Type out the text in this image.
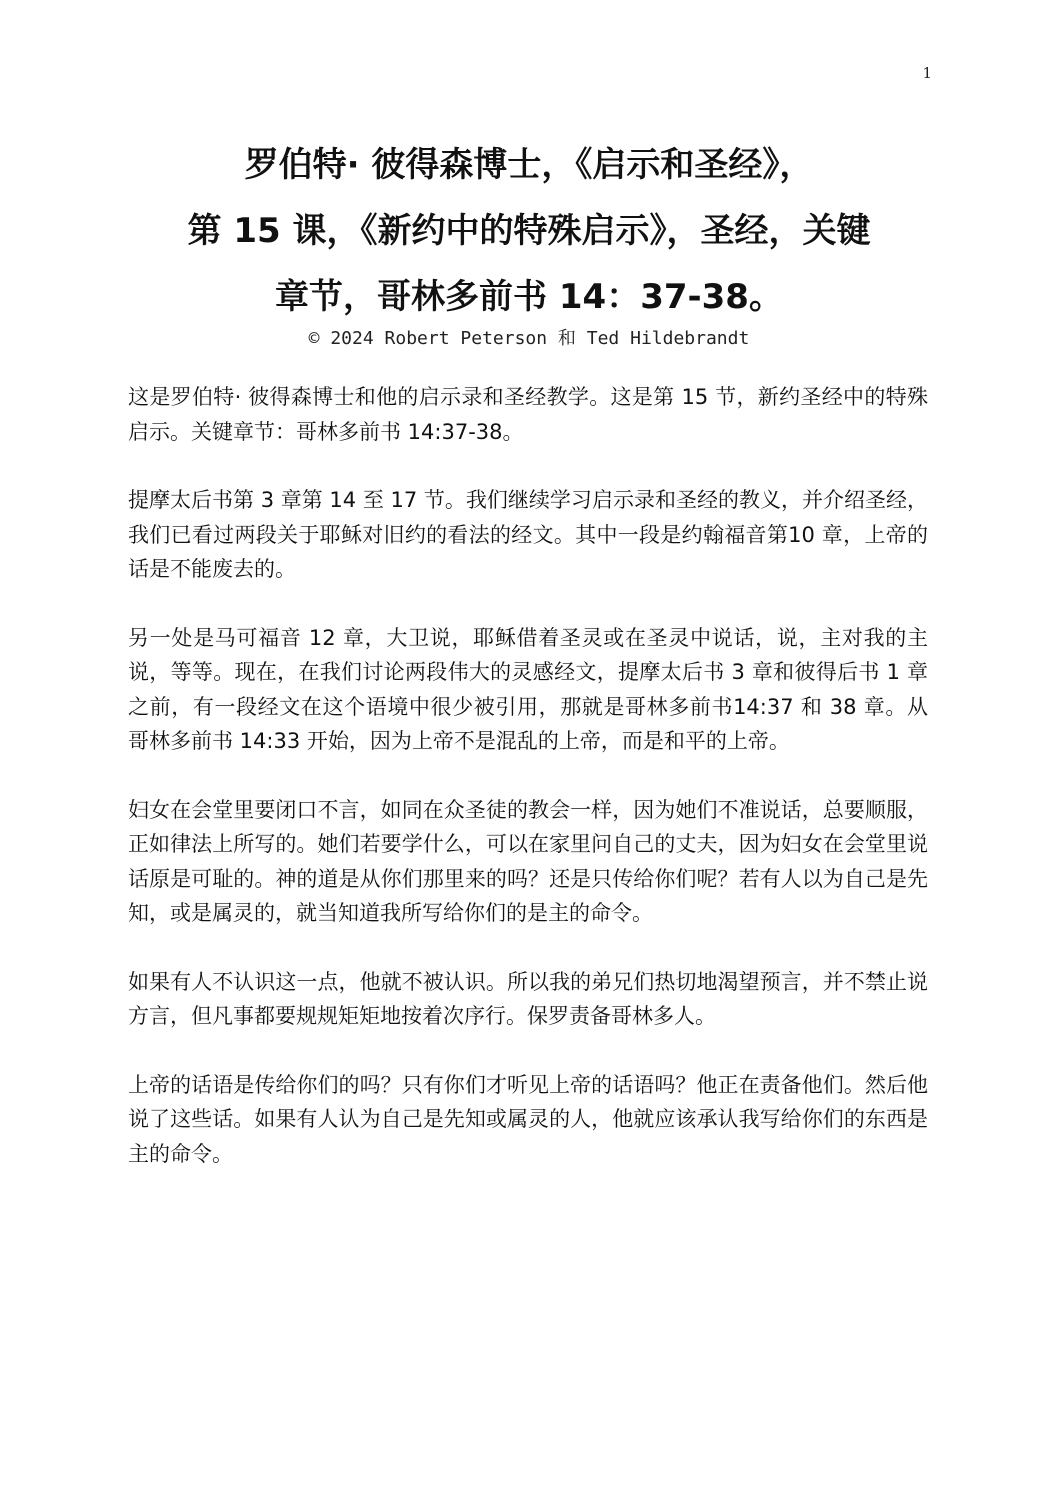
1
罗伯特· 彼得森博士，《启示和圣经》，
第 15 课，《新约中的特殊启示》，圣经，关键
章节，哥林多前书 14：37-38。
© 2024 Robert Peterson 和 Ted Hildebrandt

这是罗伯特· 彼得森博士和他的启示录和圣经教学。这是第 15 节，新约圣经中的特殊启示。关键章节：哥林多前书 14:37-38。

提摩太后书第 3 章第 14 至 17 节。我们继续学习启示录和圣经的教义，并介绍圣经，我们已看过两段关于耶稣对旧约的看法的经文。其中一段是约翰福音第10 章，上帝的话是不能废去的。

另一处是马可福音 12 章，大卫说，耶稣借着圣灵或在圣灵中说话，说，主对我的主说，等等。现在，在我们讨论两段伟大的灵感经文，提摩太后书 3 章和彼得后书 1 章之前，有一段经文在这个语境中很少被引用，那就是哥林多前书14:37 和 38 章。从哥林多前书 14:33 开始，因为上帝不是混乱的上帝，而是和平的上帝。

妇女在会堂里要闭口不言，如同在众圣徒的教会一样，因为她们不准说话，总要顺服，正如律法上所写的。她们若要学什么，可以在家里问自己的丈夫，因为妇女在会堂里说话原是可耻的。神的道是从你们那里来的吗？还是只传给你们呢？若有人以为自己是先知，或是属灵的，就当知道我所写给你们的是主的命令。

如果有人不认识这一点，他就不被认识。所以我的弟兄们热切地渴望预言，并不禁止说方言，但凡事都要规规矩矩地按着次序行。保罗责备哥林多人。

上帝的话语是传给你们的吗？只有你们才听见上帝的话语吗？他正在责备他们。然后他说了这些话。如果有人认为自己是先知或属灵的人，他就应该承认我写给你们的东西是主的命令。
